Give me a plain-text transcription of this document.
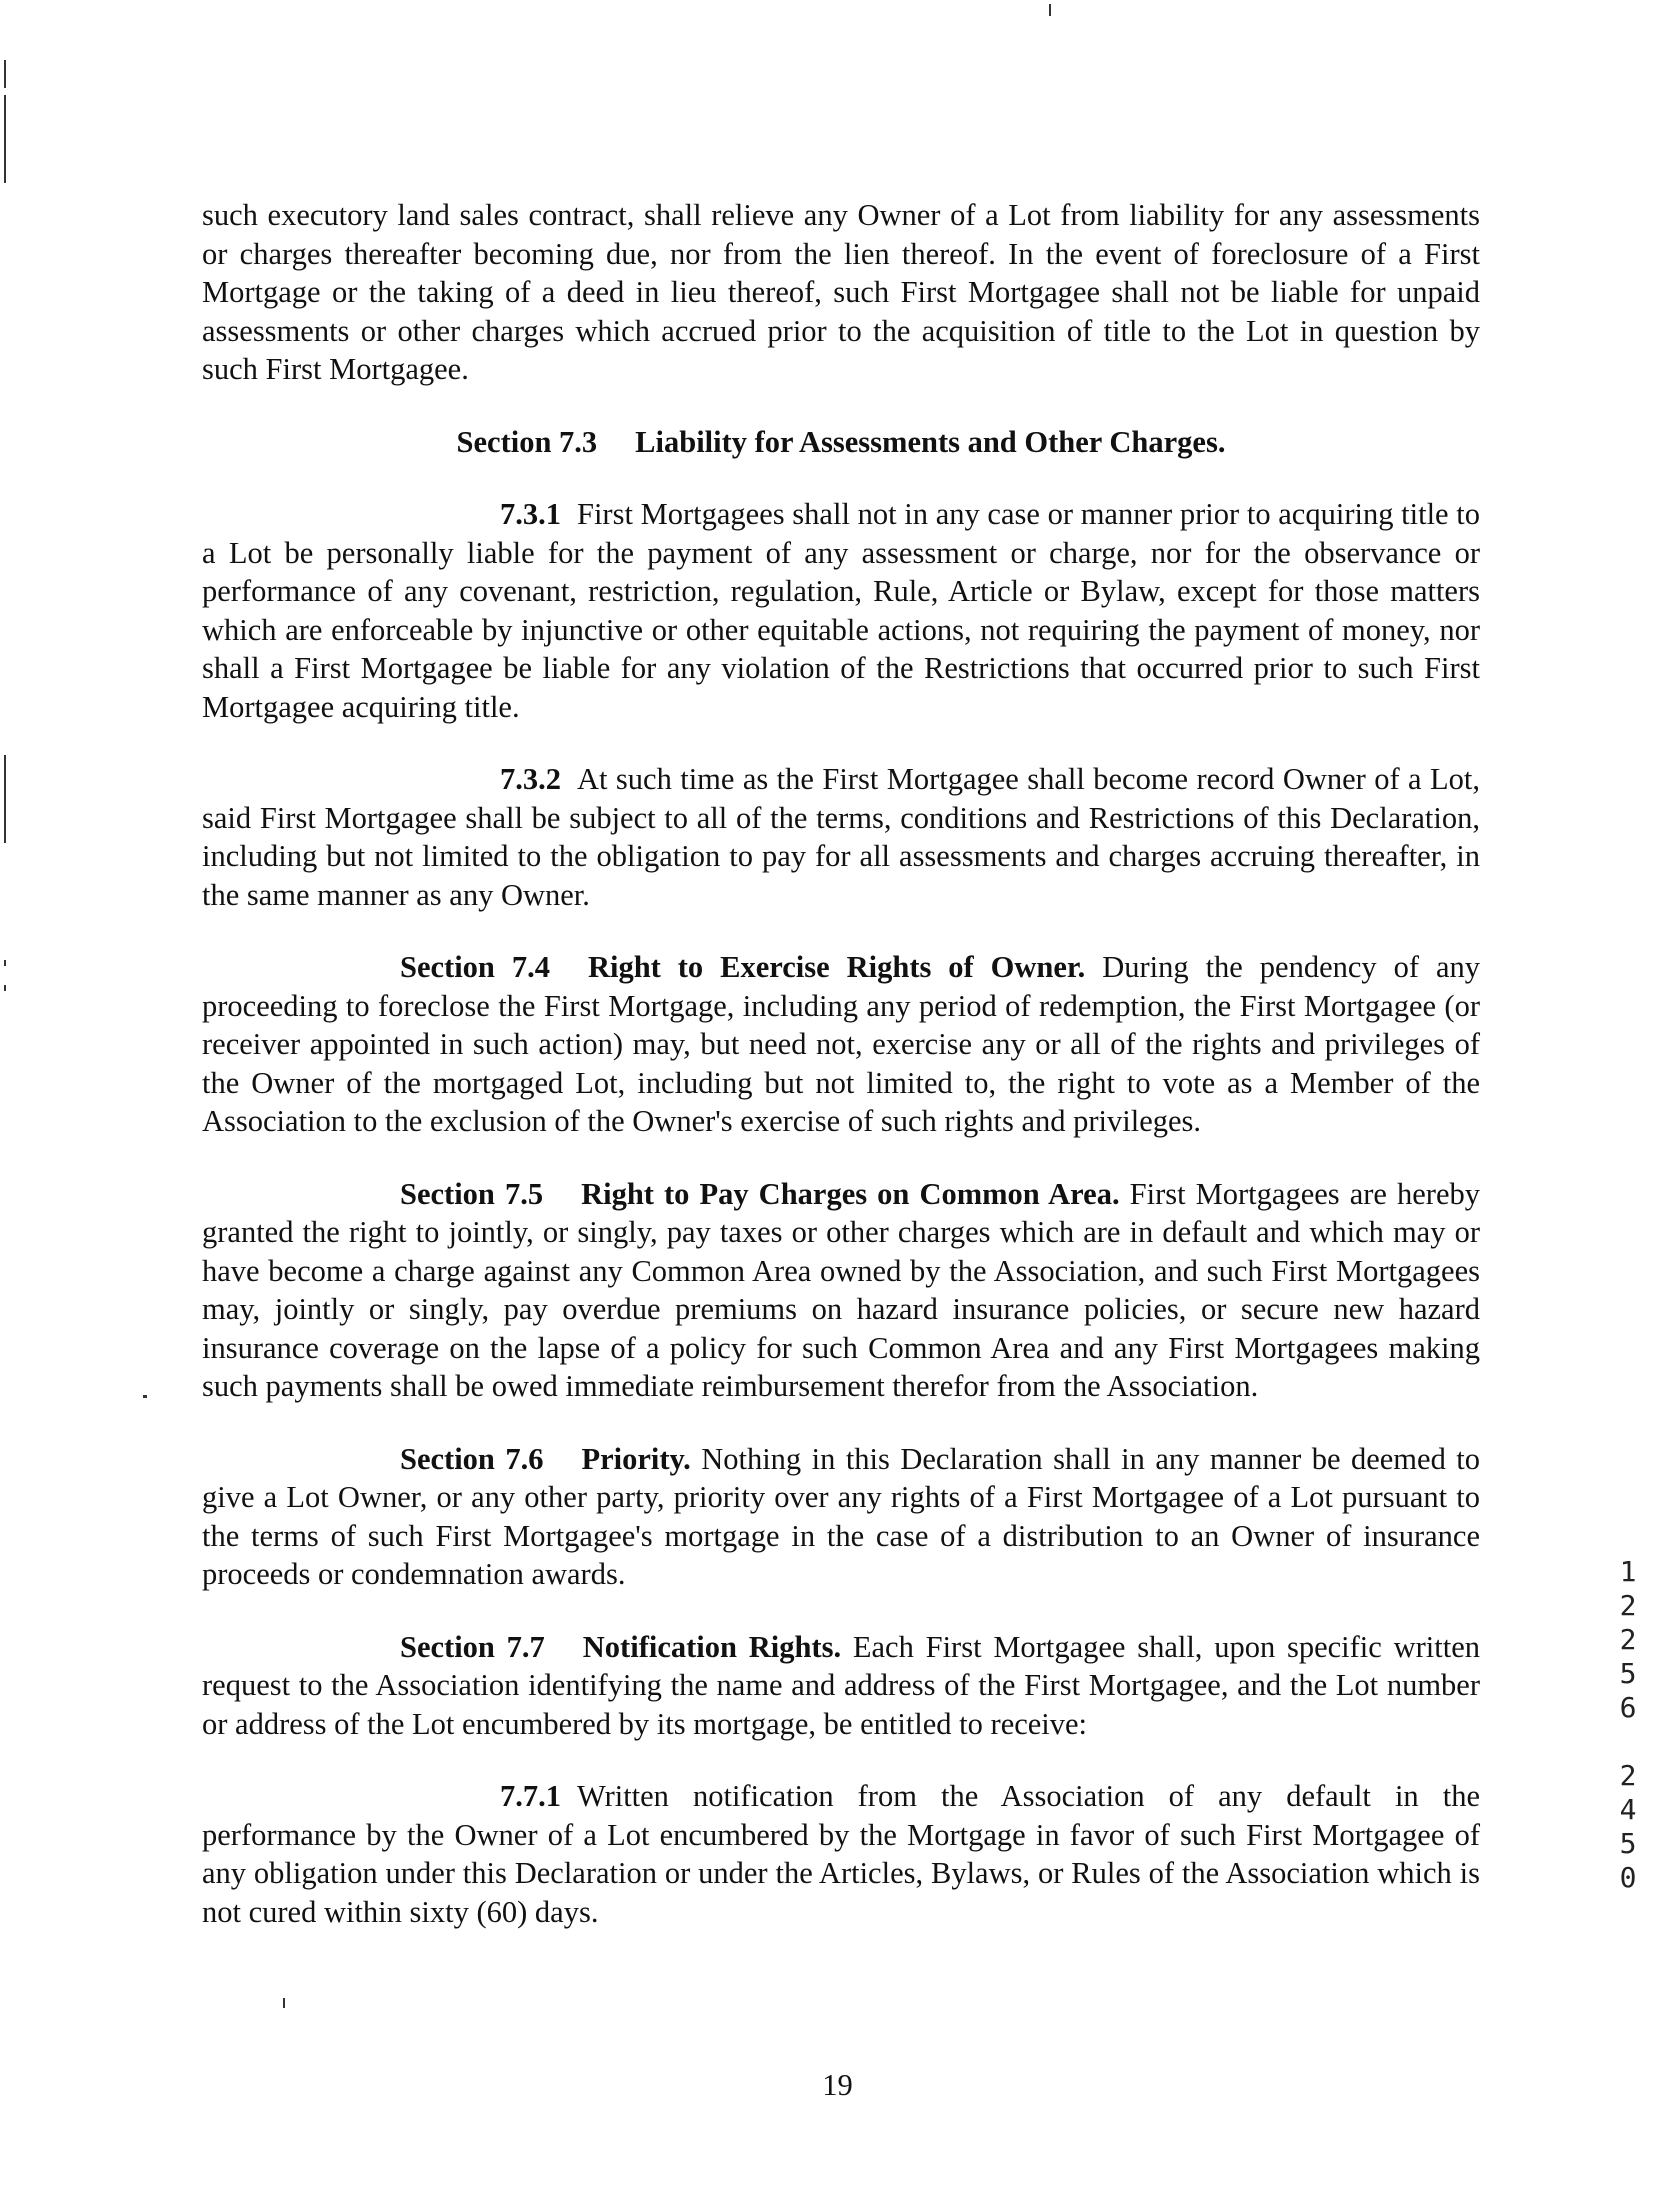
such executory land sales contract, shall relieve any Owner of a Lot from liability for any assessments or charges thereafter becoming due, nor from the lien thereof. In the event of foreclosure of a First Mortgage or the taking of a deed in lieu thereof, such First Mortgagee shall not be liable for unpaid assessments or other charges which accrued prior to the acquisition of title to the Lot in question by such First Mortgagee.

Section 7.3 Liability for Assessments and Other Charges.

7.3.1 First Mortgagees shall not in any case or manner prior to acquiring title to a Lot be personally liable for the payment of any assessment or charge, nor for the observance or performance of any covenant, restriction, regulation, Rule, Article or Bylaw, except for those matters which are enforceable by injunctive or other equitable actions, not requiring the payment of money, nor shall a First Mortgagee be liable for any violation of the Restrictions that occurred prior to such First Mortgagee acquiring title.

7.3.2 At such time as the First Mortgagee shall become record Owner of a Lot, said First Mortgagee shall be subject to all of the terms, conditions and Restrictions of this Declaration, including but not limited to the obligation to pay for all assessments and charges accruing thereafter, in the same manner as any Owner.

Section 7.4 Right to Exercise Rights of Owner. During the pendency of any proceeding to foreclose the First Mortgage, including any period of redemption, the First Mortgagee (or receiver appointed in such action) may, but need not, exercise any or all of the rights and privileges of the Owner of the mortgaged Lot, including but not limited to, the right to vote as a Member of the Association to the exclusion of the Owner's exercise of such rights and privileges.

Section 7.5 Right to Pay Charges on Common Area. First Mortgagees are hereby granted the right to jointly, or singly, pay taxes or other charges which are in default and which may or have become a charge against any Common Area owned by the Association, and such First Mortgagees may, jointly or singly, pay overdue premiums on hazard insurance policies, or secure new hazard insurance coverage on the lapse of a policy for such Common Area and any First Mortgagees making such payments shall be owed immediate reimbursement therefor from the Association.

Section 7.6 Priority. Nothing in this Declaration shall in any manner be deemed to give a Lot Owner, or any other party, priority over any rights of a First Mortgagee of a Lot pursuant to the terms of such First Mortgagee's mortgage in the case of a distribution to an Owner of insurance proceeds or condemnation awards.

Section 7.7 Notification Rights. Each First Mortgagee shall, upon specific written request to the Association identifying the name and address of the First Mortgagee, and the Lot number or address of the Lot encumbered by its mortgage, be entitled to receive:

7.7.1 Written notification from the Association of any default in the performance by the Owner of a Lot encumbered by the Mortgage in favor of such First Mortgagee of any obligation under this Declaration or under the Articles, Bylaws, or Rules of the Association which is not cured within sixty (60) days.

19
1
2
2
5
6
2
4
5
0
